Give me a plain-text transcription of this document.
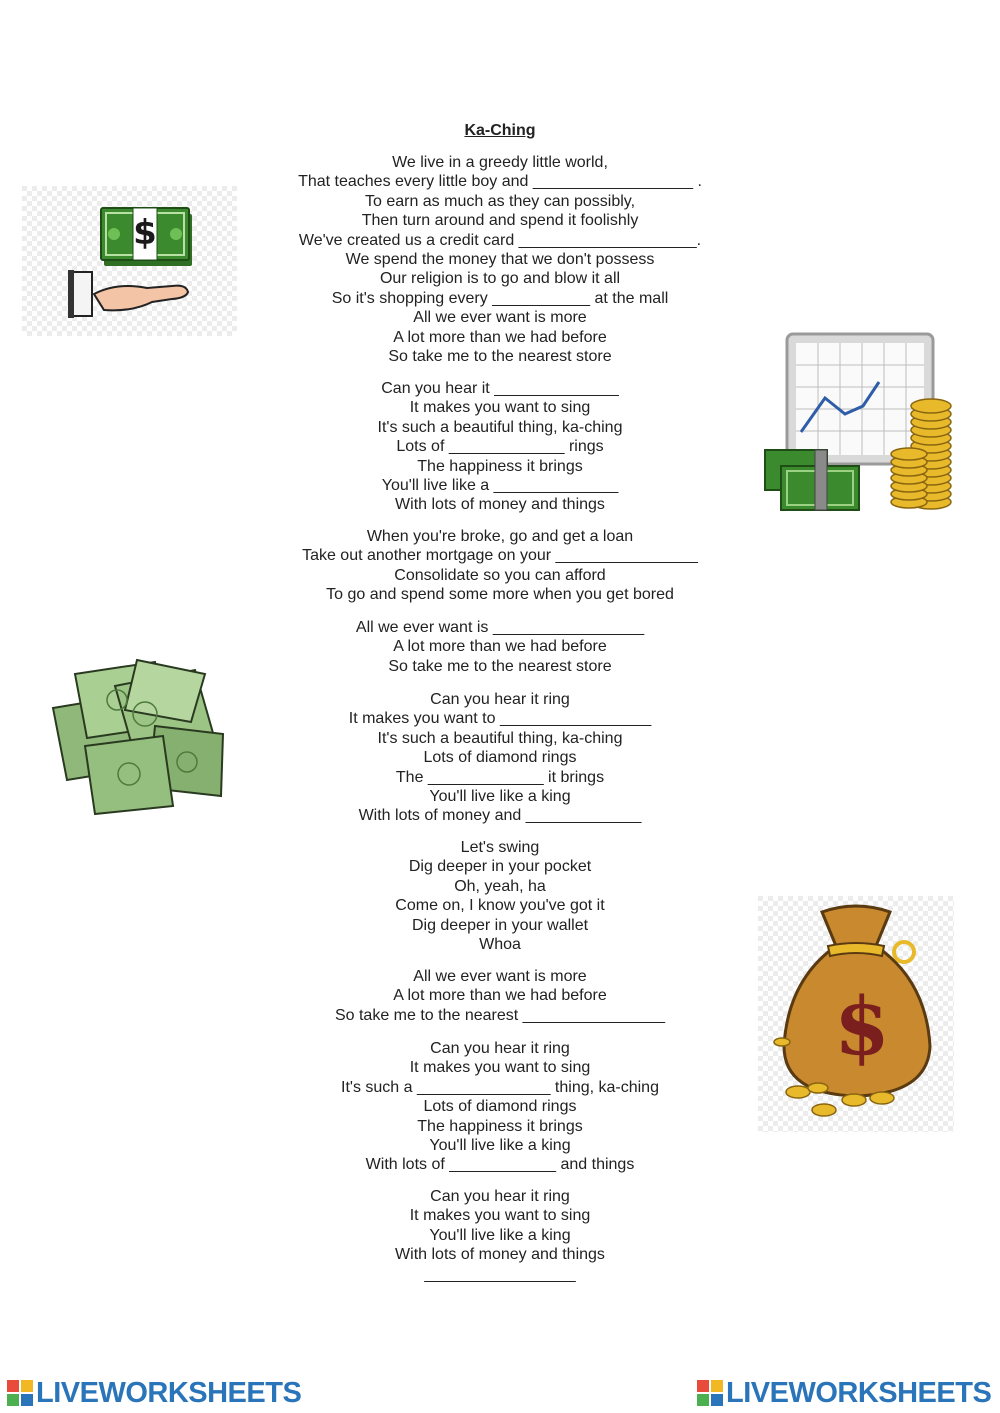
Ka-Ching
We live in a greedy little world,
That teaches every little boy and __________________ .
To earn as much as they can possibly,
Then turn around and spend it foolishly
We've created us a credit card ____________________.
We spend the money that we don't possess
Our religion is to go and blow it all
So it's shopping every ___________ at the mall
All we ever want is more
A lot more than we had before
So take me to the nearest store
Can you hear it ______________
It makes you want to sing
It's such a beautiful thing, ka-ching
Lots of _____________ rings
The happiness it brings
You'll live like a ______________
With lots of money and things
When you're broke, go and get a loan
Take out another mortgage on your ________________
Consolidate so you can afford
To go and spend some more when you get bored
All we ever want is _________________
A lot more than we had before
So take me to the nearest store
Can you hear it ring
It makes you want to _________________
It's such a beautiful thing, ka-ching
Lots of diamond rings
The _____________ it brings
You'll live like a king
With lots of money and _____________
Let's swing
Dig deeper in your pocket
Oh, yeah, ha
Come on, I know you've got it
Dig deeper in your wallet
Whoa
All we ever want is more
A lot more than we had before
So take me to the nearest ________________
Can you hear it ring
It makes you want to sing
It's such a _______________ thing, ka-ching
Lots of diamond rings
The happiness it brings
You'll live like a king
With lots of ____________ and things
Can you hear it ring
It makes you want to sing
You'll live like a king
With lots of money and things
_________________
$
$
LIVEWORKSHEETS	LIVEWORKSHEETS
